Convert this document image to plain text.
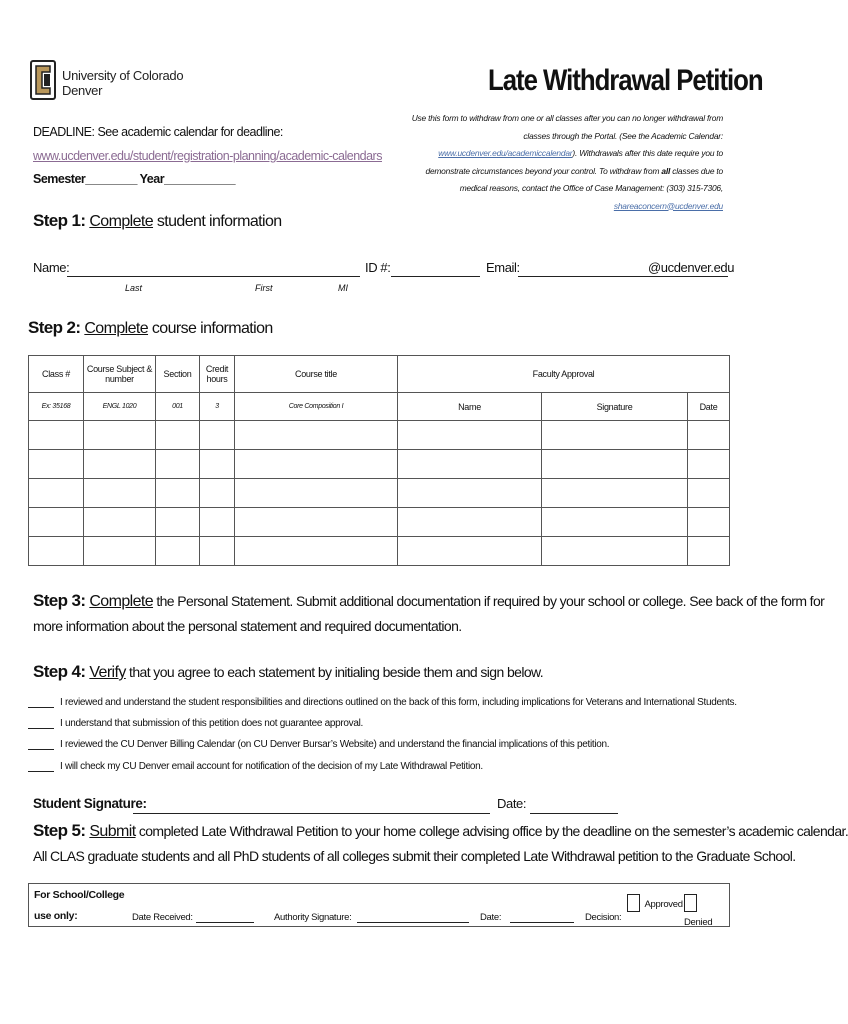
University of Colorado
Denver	Late Withdrawal Petition
Use this form to withdraw from one or all classes after you can no longer withdrawal from classes through the Portal. (See the Academic Calendar: www.ucdenver.edu/academiccalendar). Withdrawals after this date require you to demonstrate circumstances beyond your control. To withdraw from all classes due to medical reasons, contact the Office of Case Management: (303) 315-7306, shareaconcern@ucdenver.edu
DEADLINE: See academic calendar for deadline:
www.ucdenver.edu/student/registration-planning/academic-calendars
Semester________ Year___________
Step 1: Complete student information
Name:	ID #:	Email:	@ucdenver.edu
Last	First	MI
Step 2: Complete course information
Class #	Course Subject & number	Section	Credit hours	Course title	Faculty Approval		
Ex: 35168	ENGL 1020	001	3	Core Composition I	Name	Signature	Date

Step 3: Complete the Personal Statement. Submit additional documentation if required by your school or college. See back of the form for
more information about the personal statement and required documentation.
Step 4: Verify that you agree to each statement by initialing beside them and sign below.
I reviewed and understand the student responsibilities and directions outlined on the back of this form, including implications for Veterans and International Students.
I understand that submission of this petition does not guarantee approval.
I reviewed the CU Denver Billing Calendar (on CU Denver Bursar’s Website) and understand the financial implications of this petition.
I will check my CU Denver email account for notification of the decision of my Late Withdrawal Petition.
Student Signature:	Date:
Step 5: Submit completed Late Withdrawal Petition to your home college advising office by the deadline on the semester’s academic calendar.
All CLAS graduate students and all PhD students of all colleges submit their completed Late Withdrawal petition to the Graduate School.
For School/College
use only:	Date Received:	Authority Signature:	Date:	Decision:
Approved
Denied
